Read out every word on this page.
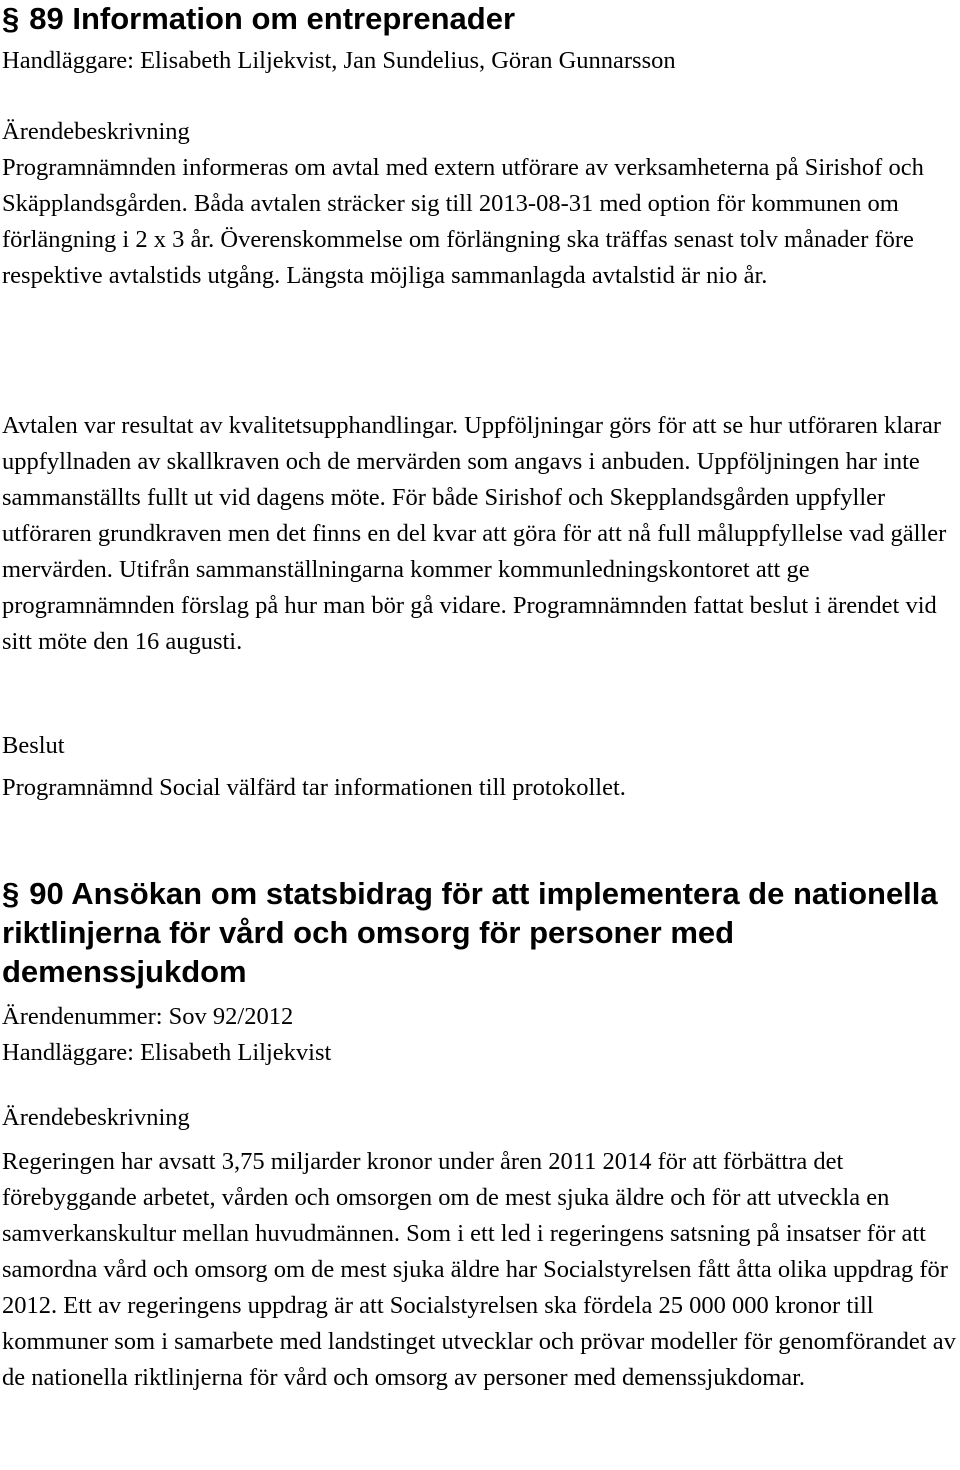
§ 89 Information om entreprenader

Handläggare: Elisabeth Liljekvist, Jan Sundelius, Göran Gunnarsson

Ärendebeskrivning

Programnämnden informeras om avtal med extern utförare av verksamheterna på Sirishof och Skäpplandsgården. Båda avtalen sträcker sig till 2013-08-31 med option för kommunen om förlängning i 2 x 3 år. Överenskommelse om förlängning ska träffas senast tolv månader före respektive avtalstids utgång. Längsta möjliga sammanlagda avtalstid är nio år.

Avtalen var resultat av kvalitetsupphandlingar. Uppföljningar görs för att se hur utföraren klarar uppfyllnaden av skallkraven och de mervärden som angavs i anbuden. Uppföljningen har inte sammanställts fullt ut vid dagens möte. För både Sirishof och Skepplandsgården uppfyller utföraren grundkraven men det finns en del kvar att göra för att nå full måluppfyllelse vad gäller mervärden. Utifrån sammanställningarna kommer kommunledningskontoret att ge programnämnden förslag på hur man bör gå vidare. Programnämnden fattat beslut i ärendet vid sitt möte den 16 augusti.

Beslut

Programnämnd Social välfärd tar informationen till protokollet.

§ 90 Ansökan om statsbidrag för att implementera de nationella riktlinjerna för vård och omsorg för personer med demenssjukdom

Ärendenummer: Sov 92/2012

Handläggare: Elisabeth Liljekvist

Ärendebeskrivning

Regeringen har avsatt 3,75 miljarder kronor under åren 2011 2014 för att förbättra det förebyggande arbetet, vården och omsorgen om de mest sjuka äldre och för att utveckla en samverkanskultur mellan huvudmännen. Som i ett led i regeringens satsning på insatser för att samordna vård och omsorg om de mest sjuka äldre har Socialstyrelsen fått åtta olika uppdrag för 2012. Ett av regeringens uppdrag är att Socialstyrelsen ska fördela 25 000 000 kronor till kommuner som i samarbete med landstinget utvecklar och prövar modeller för genomförandet av de nationella riktlinjerna för vård och omsorg av personer med demenssjukdomar.
